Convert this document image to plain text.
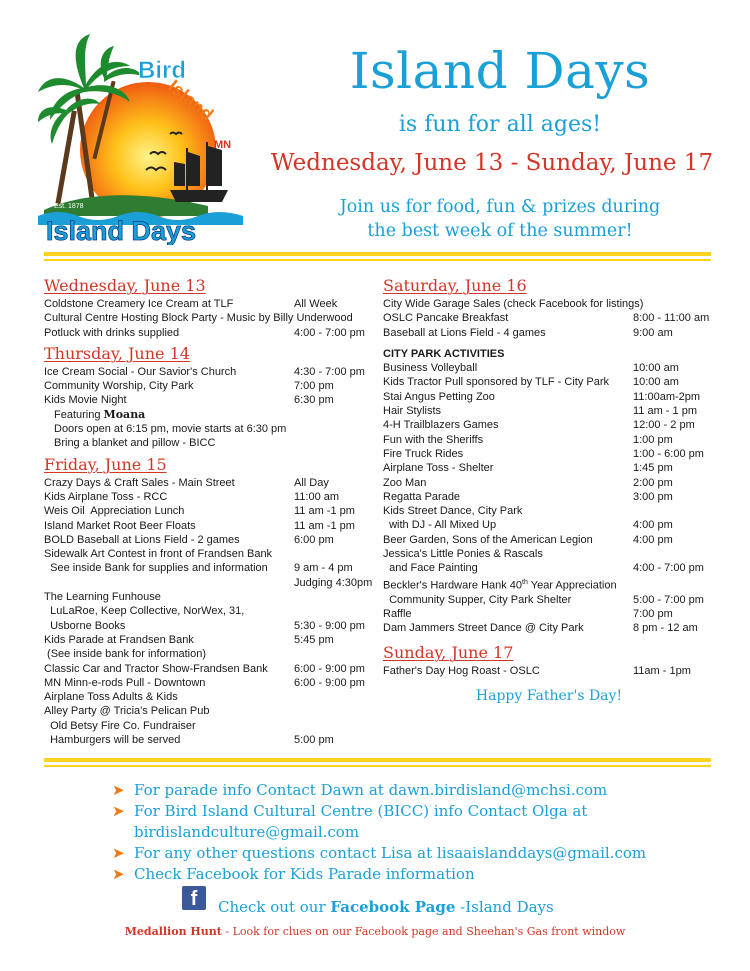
Bird
Island
MN
Est. 1878
Island Days
Island Days
is fun for all ages!
Wednesday, June 13 - Sunday, June 17
Join us for food, fun & prizes during
the best week of the summer!
Wednesday, June 13
Coldstone Creamery Ice Cream at TLF	All Week
Cultural Centre Hosting Block Party - Music by Billy Underwood
Potluck with drinks supplied	4:00 - 7:00 pm
Thursday, June 14
Ice Cream Social - Our Savior's Church	4:30 - 7:00 pm
Community Worship, City Park	7:00 pm
Kids Movie Night	6:30 pm
Featuring Moana
Doors open at 6:15 pm, movie starts at 6:30 pm
Bring a blanket and pillow - BICC
Friday, June 15
Crazy Days & Craft Sales - Main Street	All Day
Kids Airplane Toss - RCC	11:00 am
Weis Oil  Appreciation Lunch	11 am -1 pm
Island Market Root Beer Floats	11 am -1 pm
BOLD Baseball at Lions Field - 2 games	6:00 pm
Sidewalk Art Contest in front of Frandsen Bank
See inside Bank for supplies and information 9 am - 4 pm
Judging 4:30pm
The Learning Funhouse
LuLaRoe, Keep Collective, NorWex, 31,
Usborne Books	5:30 - 9:00 pm
Kids Parade at Frandsen Bank	5:45 pm
(See inside bank for information)
Classic Car and Tractor Show-Frandsen Bank 6:00 - 9:00 pm
MN Minn-e-rods Pull - Downtown	6:00 - 9:00 pm
Airplane Toss Adults & Kids
Alley Party @ Tricia's Pelican Pub
Old Betsy Fire Co. Fundraiser
Hamburgers will be served	5:00 pm
Saturday, June 16
City Wide Garage Sales (check Facebook for listings)
OSLC Pancake Breakfast	8:00 - 11:00 am
Baseball at Lions Field - 4 games	9:00 am
CITY PARK ACTIVITIES
Business Volleyball	10:00 am
Kids Tractor Pull sponsored by TLF - City Park 10:00 am
Stai Angus Petting Zoo	11:00am-2pm
Hair Stylists	11 am - 1 pm
4-H Trailblazers Games	12:00 - 2 pm
Fun with the Sheriffs	1:00 pm
Fire Truck Rides	1:00 - 6:00 pm
Airplane Toss - Shelter	1:45 pm
Zoo Man	2:00 pm
Regatta Parade	3:00 pm
Kids Street Dance, City Park
with DJ - All Mixed Up	4:00 pm
Beer Garden, Sons of the American Legion	4:00 pm
Jessica's Little Ponies & Rascals
and Face Painting	4:00 - 7:00 pm
Beckler's Hardware Hank 40th Year Appreciation
Community Supper, City Park Shelter	5:00 - 7:00 pm
Raffle	7:00 pm
Dam Jammers Street Dance @ City Park	8 pm - 12 am
Sunday, June 17
Father's Day Hog Roast - OSLC	11am - 1pm
Happy Father's Day!
➤ For parade info Contact Dawn at dawn.birdisland@mchsi.com
➤ For Bird Island Cultural Centre (BICC) info Contact Olga at
birdislandculture@gmail.com
➤ For any other questions contact Lisa at lisaaislanddays@gmail.com
➤ Check Facebook for Kids Parade information
f	Check out our Facebook Page -Island Days
Medallion Hunt - Look for clues on our Facebook page and Sheehan's Gas front window
